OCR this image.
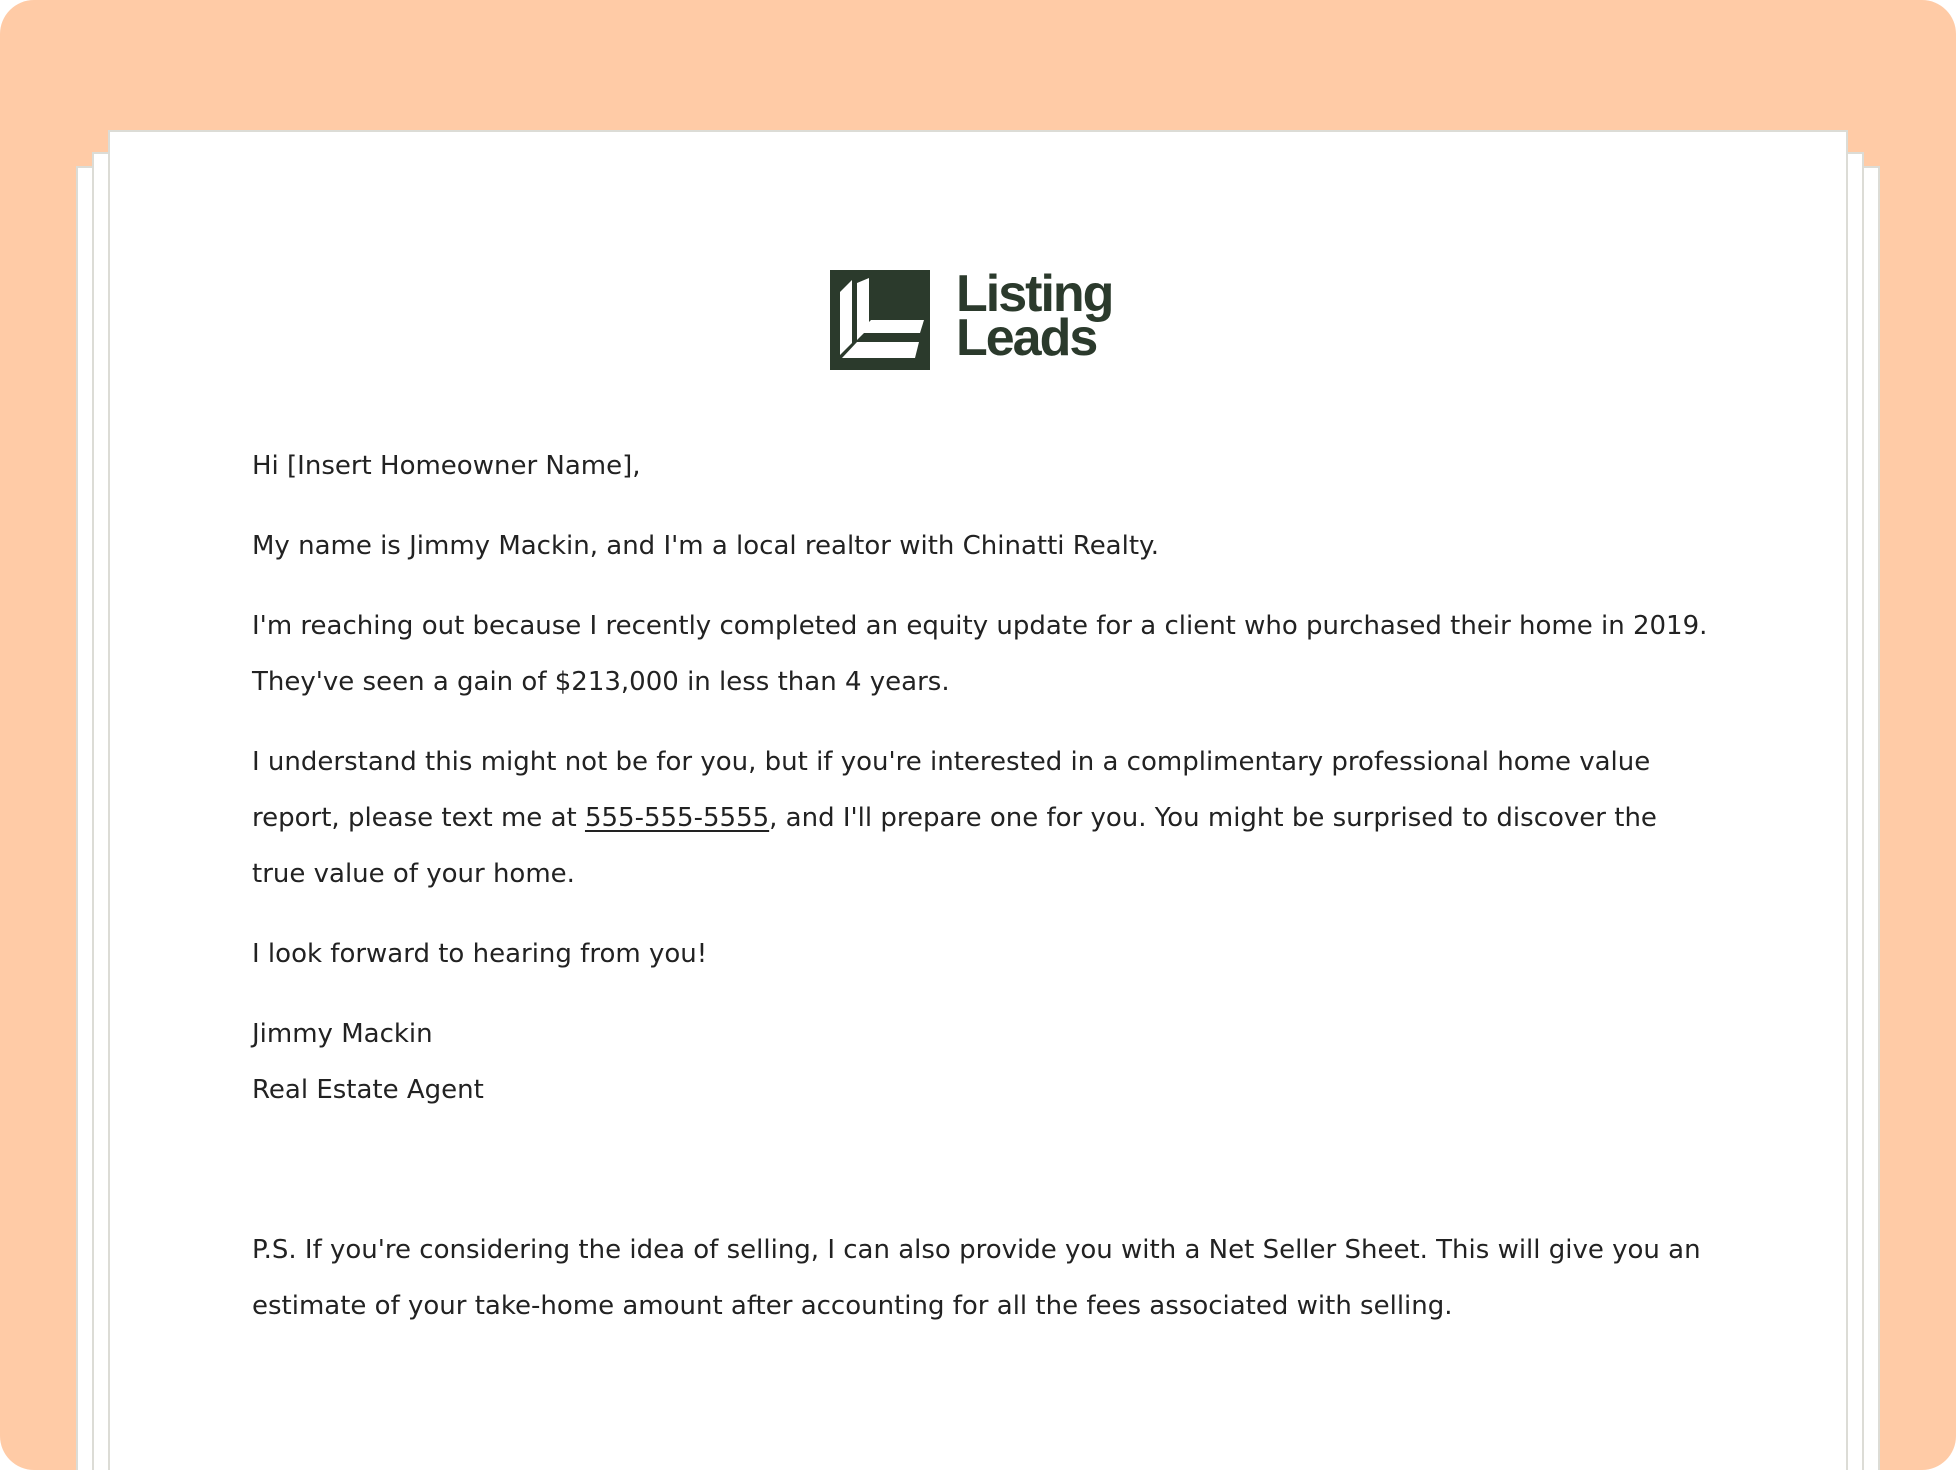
Listing
Leads

Hi [Insert Homeowner Name],

My name is Jimmy Mackin, and I'm a local realtor with Chinatti Realty.

I'm reaching out because I recently completed an equity update for a client who purchased their home in 2019. They've seen a gain of $213,000 in less than 4 years.

I understand this might not be for you, but if you're interested in a complimentary professional home value report, please text me at 555-555-5555, and I'll prepare one for you. You might be surprised to discover the true value of your home.

I look forward to hearing from you!

Jimmy Mackin

Real Estate Agent

P.S. If you're considering the idea of selling, I can also provide you with a Net Seller Sheet. This will give you an estimate of your take-home amount after accounting for all the fees associated with selling.
